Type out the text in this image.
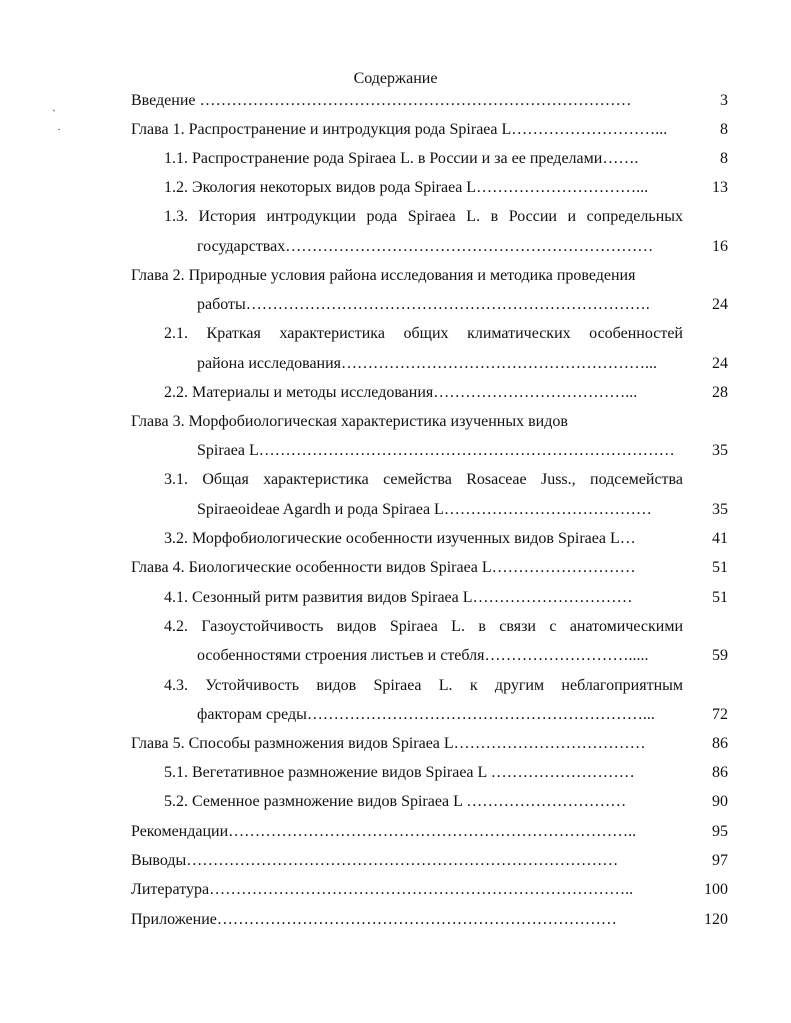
ˎ
·
Содержание
Введение ………………………………………………………………………	3
Глава 1. Распространение и интродукция рода Spiraea L………………………...	8
1.1. Распространение рода Spiraea L. в России и за ее пределами…….	8
1.2. Экология некоторых видов рода Spiraea L…………………………...	13
1.3. История интродукции рода Spiraea L. в России и сопредельных
государствах……………………………………………………………	16
Глава 2. Природные условия района исследования и методика проведения
работы………………………………………………………………….	24
2.1. Краткая характеристика общих климатических особенностей
района исследования…………………………………………………...	24
2.2. Материалы и методы исследования………………………………...	28
Глава 3. Морфобиологическая характеристика изученных видов
Spiraea L……………………………………………………………………	35
3.1. Общая характеристика семейства Rosaceae Juss., подсемейства
Spiraeoideae Agardh и рода Spiraea L…………………………………	35
3.2. Морфобиологические особенности изученных видов Spiraea L…	41
Глава 4. Биологические особенности видов Spiraea L………………………	51
4.1. Сезонный ритм развития видов Spiraea L…………………………	51
4.2. Газоустойчивость видов Spiraea L. в связи с анатомическими
особенностями строения листьев и стебля……………………….....	59
4.3. Устойчивость видов Spiraea L. к другим неблагоприятным
факторам среды………………………………………………………...	72
Глава 5. Способы размножения видов Spiraea L………………………………	86
5.1. Вегетативное размножение видов Spiraea L ………………………	86
5.2. Семенное размножение видов Spiraea L …………………………	90
Рекомендации…………………………………………………………………..	95
Выводы………………………………………………………………………	97
Литература……………………………………………………………………..	100
Приложение…………………………………………………………………	120
